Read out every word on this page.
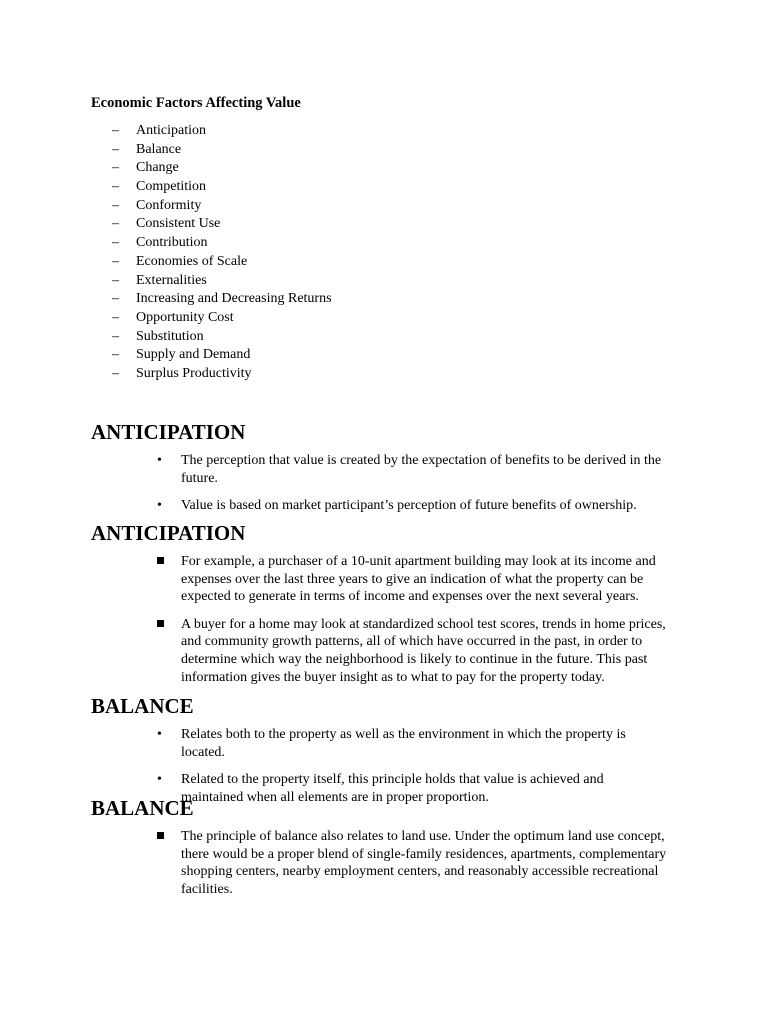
Economic Factors Affecting Value
–	Anticipation
–	Balance
–	Change
–	Competition
–	Conformity
–	Consistent Use
–	Contribution
–	Economies of Scale
–	Externalities
–	Increasing and Decreasing Returns
–	Opportunity Cost
–	Substitution
–	Supply and Demand
–	Surplus Productivity
ANTICIPATION
•	The perception that value is created by the expectation of benefits to be derived in the future.
•	Value is based on market participant’s perception of future benefits of ownership.
ANTICIPATION
For example, a purchaser of a 10-unit apartment building may look at its income and expenses over the last three years to give an indication of what the property can be expected to generate in terms of income and expenses over the next several years.
A buyer for a home may look at standardized school test scores, trends in home prices, and community growth patterns, all of which have occurred in the past, in order to determine which way the neighborhood is likely to continue in the future. This past information gives the buyer insight as to what to pay for the property today.
BALANCE
•	Relates both to the property as well as the environment in which the property is located.
•	Related to the property itself, this principle holds that value is achieved and maintained when all elements are in proper proportion.
BALANCE
The principle of balance also relates to land use. Under the optimum land use concept, there would be a proper blend of single-family residences, apartments, complementary shopping centers, nearby employment centers, and reasonably accessible recreational facilities.
